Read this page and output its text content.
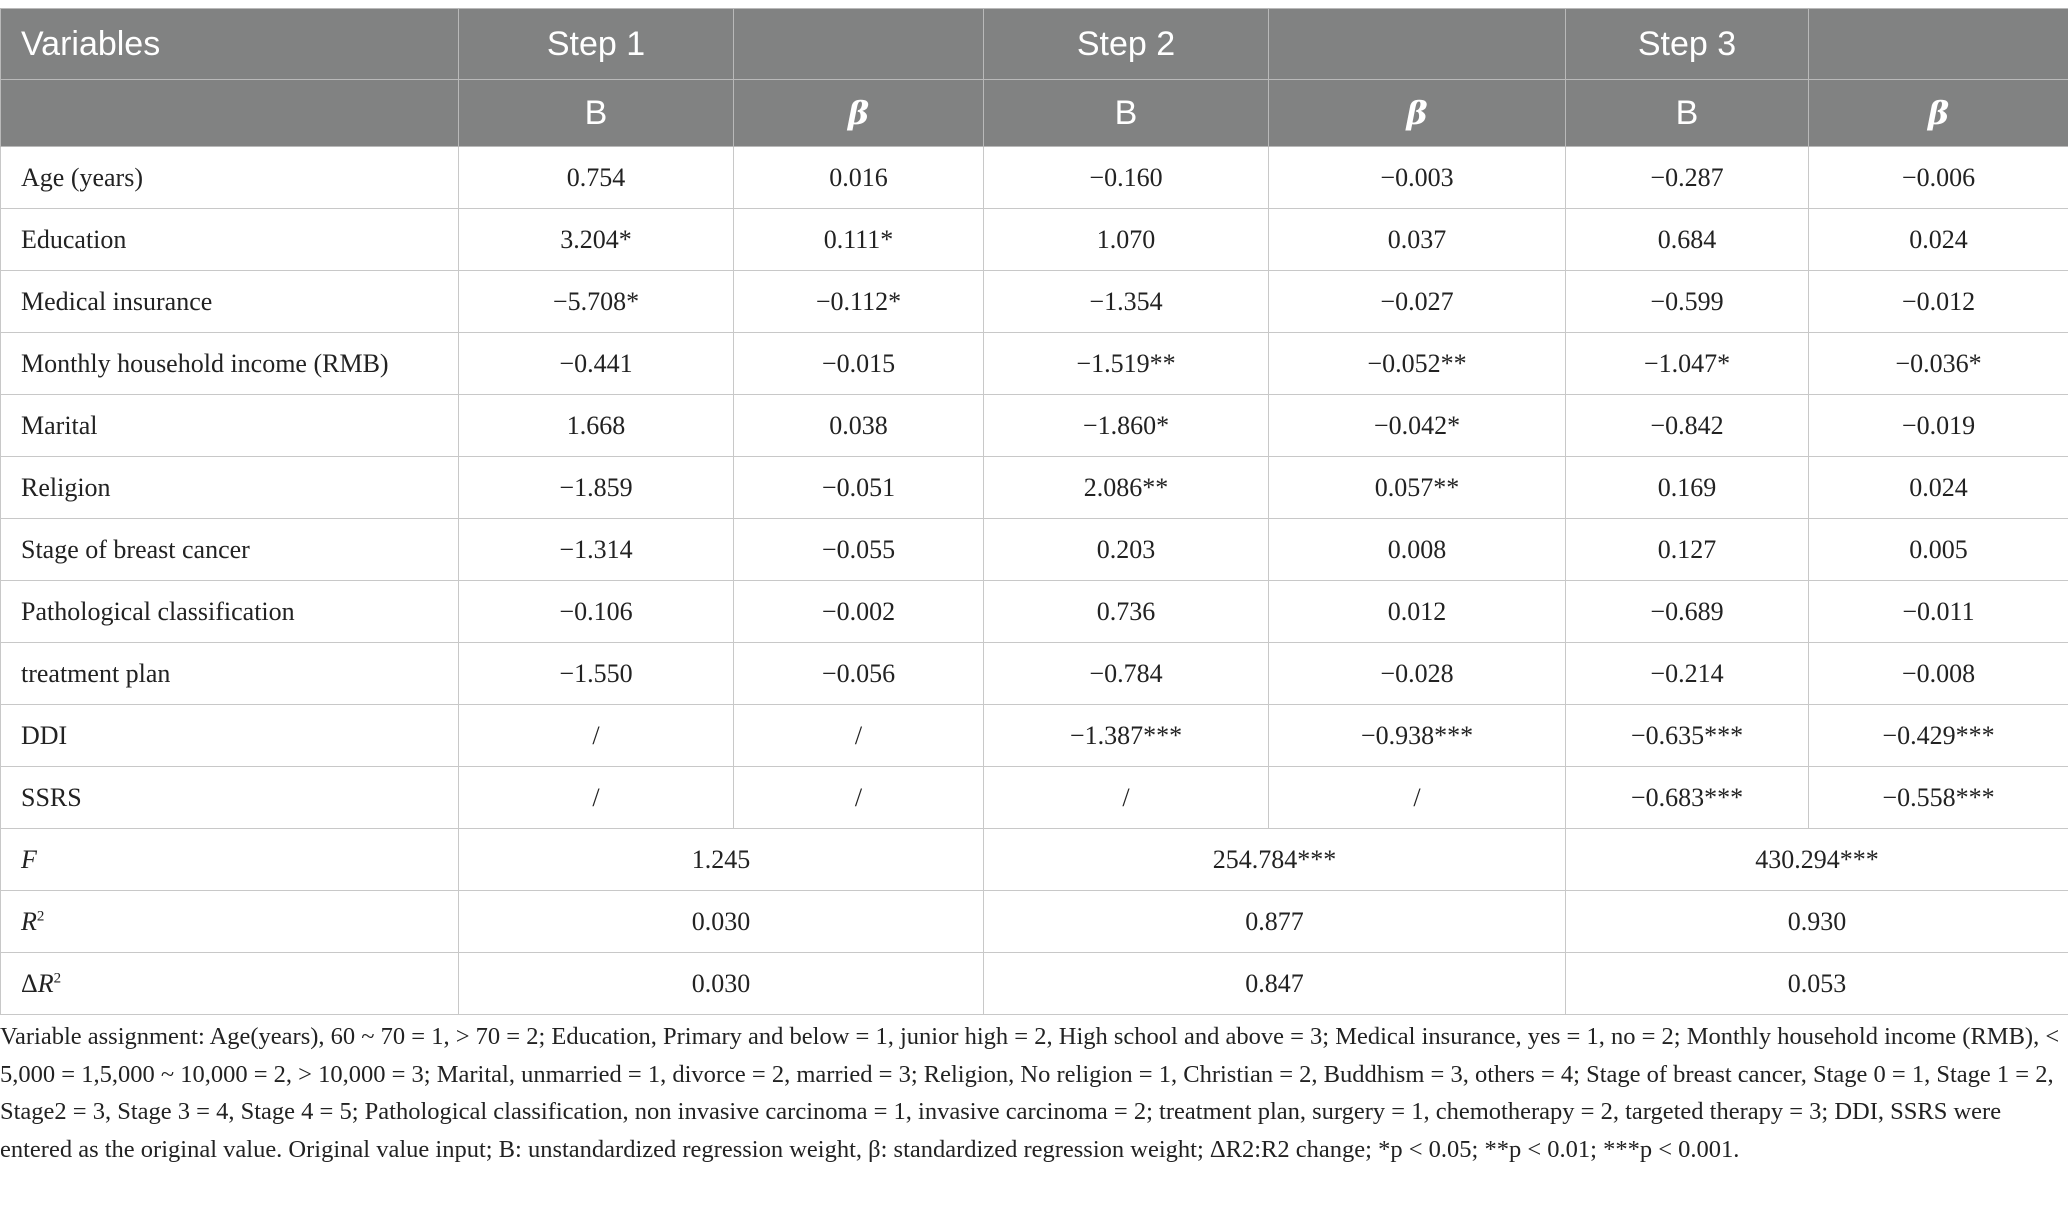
Variables	Step 1		Step 2		Step 3	
	B	β	B	β	B	β
Age (years)	0.754	0.016	−0.160	−0.003	−0.287	−0.006
Education	3.204*	0.111*	1.070	0.037	0.684	0.024
Medical insurance	−5.708*	−0.112*	−1.354	−0.027	−0.599	−0.012
Monthly household income (RMB)	−0.441	−0.015	−1.519**	−0.052**	−1.047*	−0.036*
Marital	1.668	0.038	−1.860*	−0.042*	−0.842	−0.019
Religion	−1.859	−0.051	2.086**	0.057**	0.169	0.024
Stage of breast cancer	−1.314	−0.055	0.203	0.008	0.127	0.005
Pathological classification	−0.106	−0.002	0.736	0.012	−0.689	−0.011
treatment plan	−1.550	−0.056	−0.784	−0.028	−0.214	−0.008
DDI	/	/	−1.387***	−0.938***	−0.635***	−0.429***
SSRS	/	/	/	/	−0.683***	−0.558***
F	1.245		254.784***		430.294***	
$R^2$	0.030		0.877		0.930	
$\Delta R^2$	0.030		0.847		0.053	

Variable assignment: Age(years), 60 ~ 70 = 1, > 70 = 2; Education, Primary and below = 1, junior high = 2, High school and above = 3; Medical insurance, yes = 1, no = 2; Monthly household income (RMB), < 5,000 = 1,5,000 ~ 10,000 = 2, > 10,000 = 3; Marital, unmarried = 1, divorce = 2, married = 3; Religion, No religion = 1, Christian = 2, Buddhism = 3, others = 4; Stage of breast cancer, Stage 0 = 1, Stage 1 = 2, Stage2 = 3, Stage 3 = 4, Stage 4 = 5; Pathological classification, non invasive carcinoma = 1, invasive carcinoma = 2; treatment plan, surgery = 1, chemotherapy = 2, targeted therapy = 3; DDI, SSRS were entered as the original value. Original value input; B: unstandardized regression weight, β: standardized regression weight; ΔR2:R2 change; *p < 0.05; **p < 0.01; ***p < 0.001.
